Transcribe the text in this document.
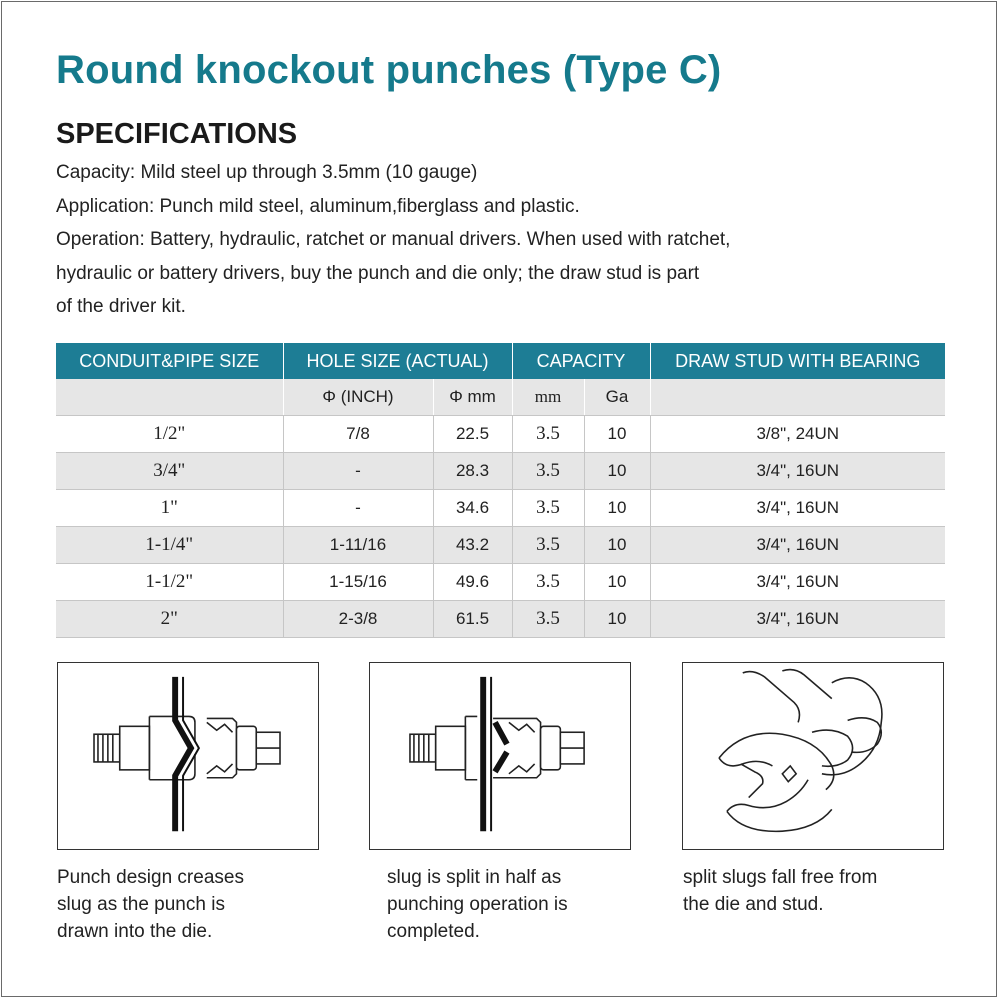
Round knockout punches (Type C)
SPECIFICATIONS
Capacity: Mild steel up through 3.5mm (10 gauge)
Application: Punch mild steel, aluminum,fiberglass and plastic.
Operation: Battery, hydraulic, ratchet or manual drivers. When used with ratchet,
hydraulic or battery drivers, buy the punch and die only; the draw stud is part
of the driver kit.
CONDUIT&PIPE SIZE	HOLE SIZE (ACTUAL)		CAPACITY		DRAW STUD WITH BEARING
	Φ (INCH)	Φ mm	mm	Ga	
1/2"	7/8	22.5	3.5	10	3/8", 24UN
3/4"	-	28.3	3.5	10	3/4", 16UN
1"	-	34.6	3.5	10	3/4", 16UN
1-1/4"	1-11/16	43.2	3.5	10	3/4", 16UN
1-1/2"	1-15/16	49.6	3.5	10	3/4", 16UN
2"	2-3/8	61.5	3.5	10	3/4", 16UN
Punch design creases
slug as the punch is
drawn into the die.
slug is split in half as
punching operation is
completed.
split slugs fall free from
the die and stud.
